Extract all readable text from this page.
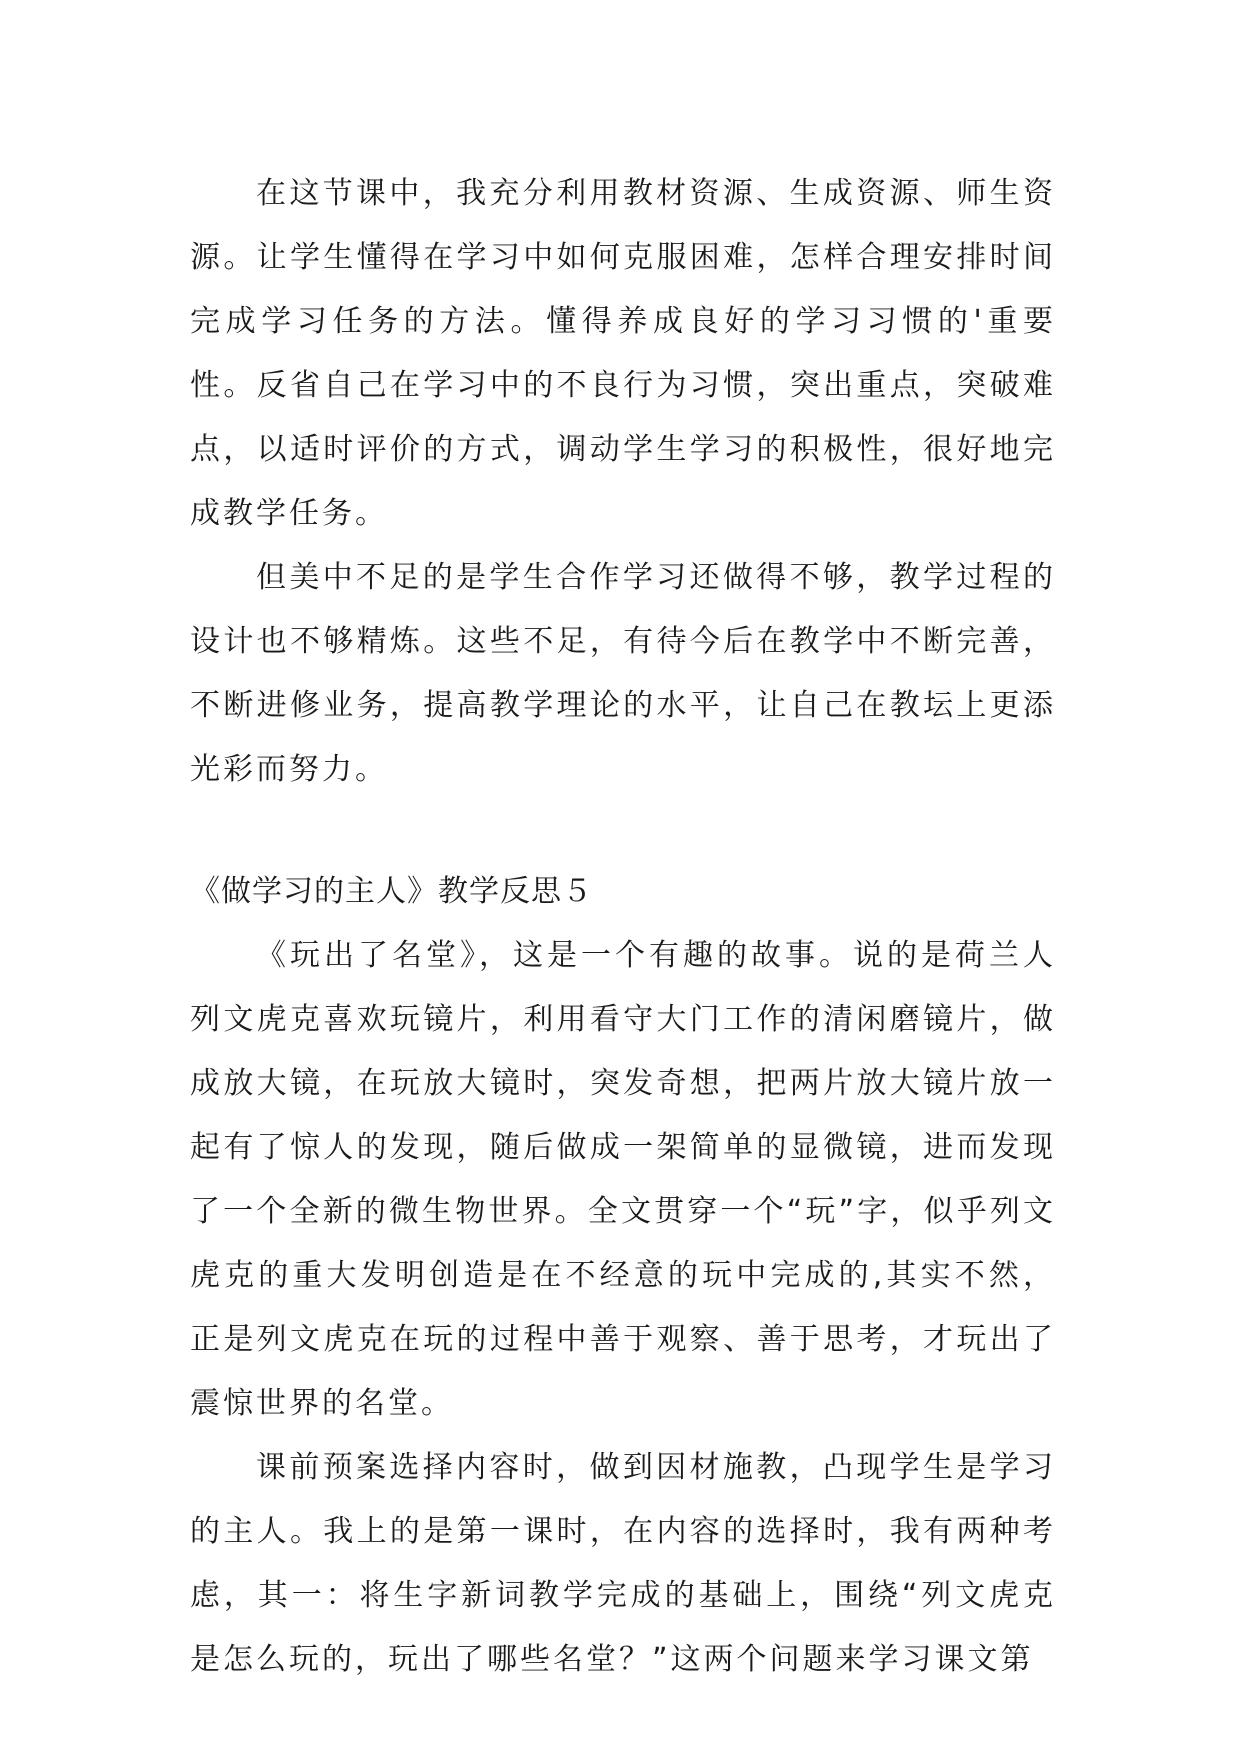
在这节课中，我充分利用教材资源、生成资源、师生资源。让学生懂得在学习中如何克服困难，怎样合理安排时间完成学习任务的方法。懂得养成良好的学习习惯的'重要性。反省自己在学习中的不良行为习惯，突出重点，突破难点，以适时评价的方式，调动学生学习的积极性，很好地完成教学任务。

但美中不足的是学生合作学习还做得不够，教学过程的设计也不够精炼。这些不足，有待今后在教学中不断完善，不断进修业务，提高教学理论的水平，让自己在教坛上更添光彩而努力。

《做学习的主人》教学反思５

《玩出了名堂》，这是一个有趣的故事。说的是荷兰人列文虎克喜欢玩镜片，利用看守大门工作的清闲磨镜片，做成放大镜，在玩放大镜时，突发奇想，把两片放大镜片放一起有了惊人的发现，随后做成一架简单的显微镜，进而发现了一个全新的微生物世界。全文贯穿一个“玩”字，似乎列文虎克的重大发明创造是在不经意的玩中完成的,其实不然，正是列文虎克在玩的过程中善于观察、善于思考，才玩出了震惊世界的名堂。

课前预案选择内容时，做到因材施教，凸现学生是学习的主人。我上的是第一课时，在内容的选择时，我有两种考虑，其一：将生字新词教学完成的基础上，围绕“列文虎克是怎么玩的，玩出了哪些名堂？”这两个问题来学习课文第
